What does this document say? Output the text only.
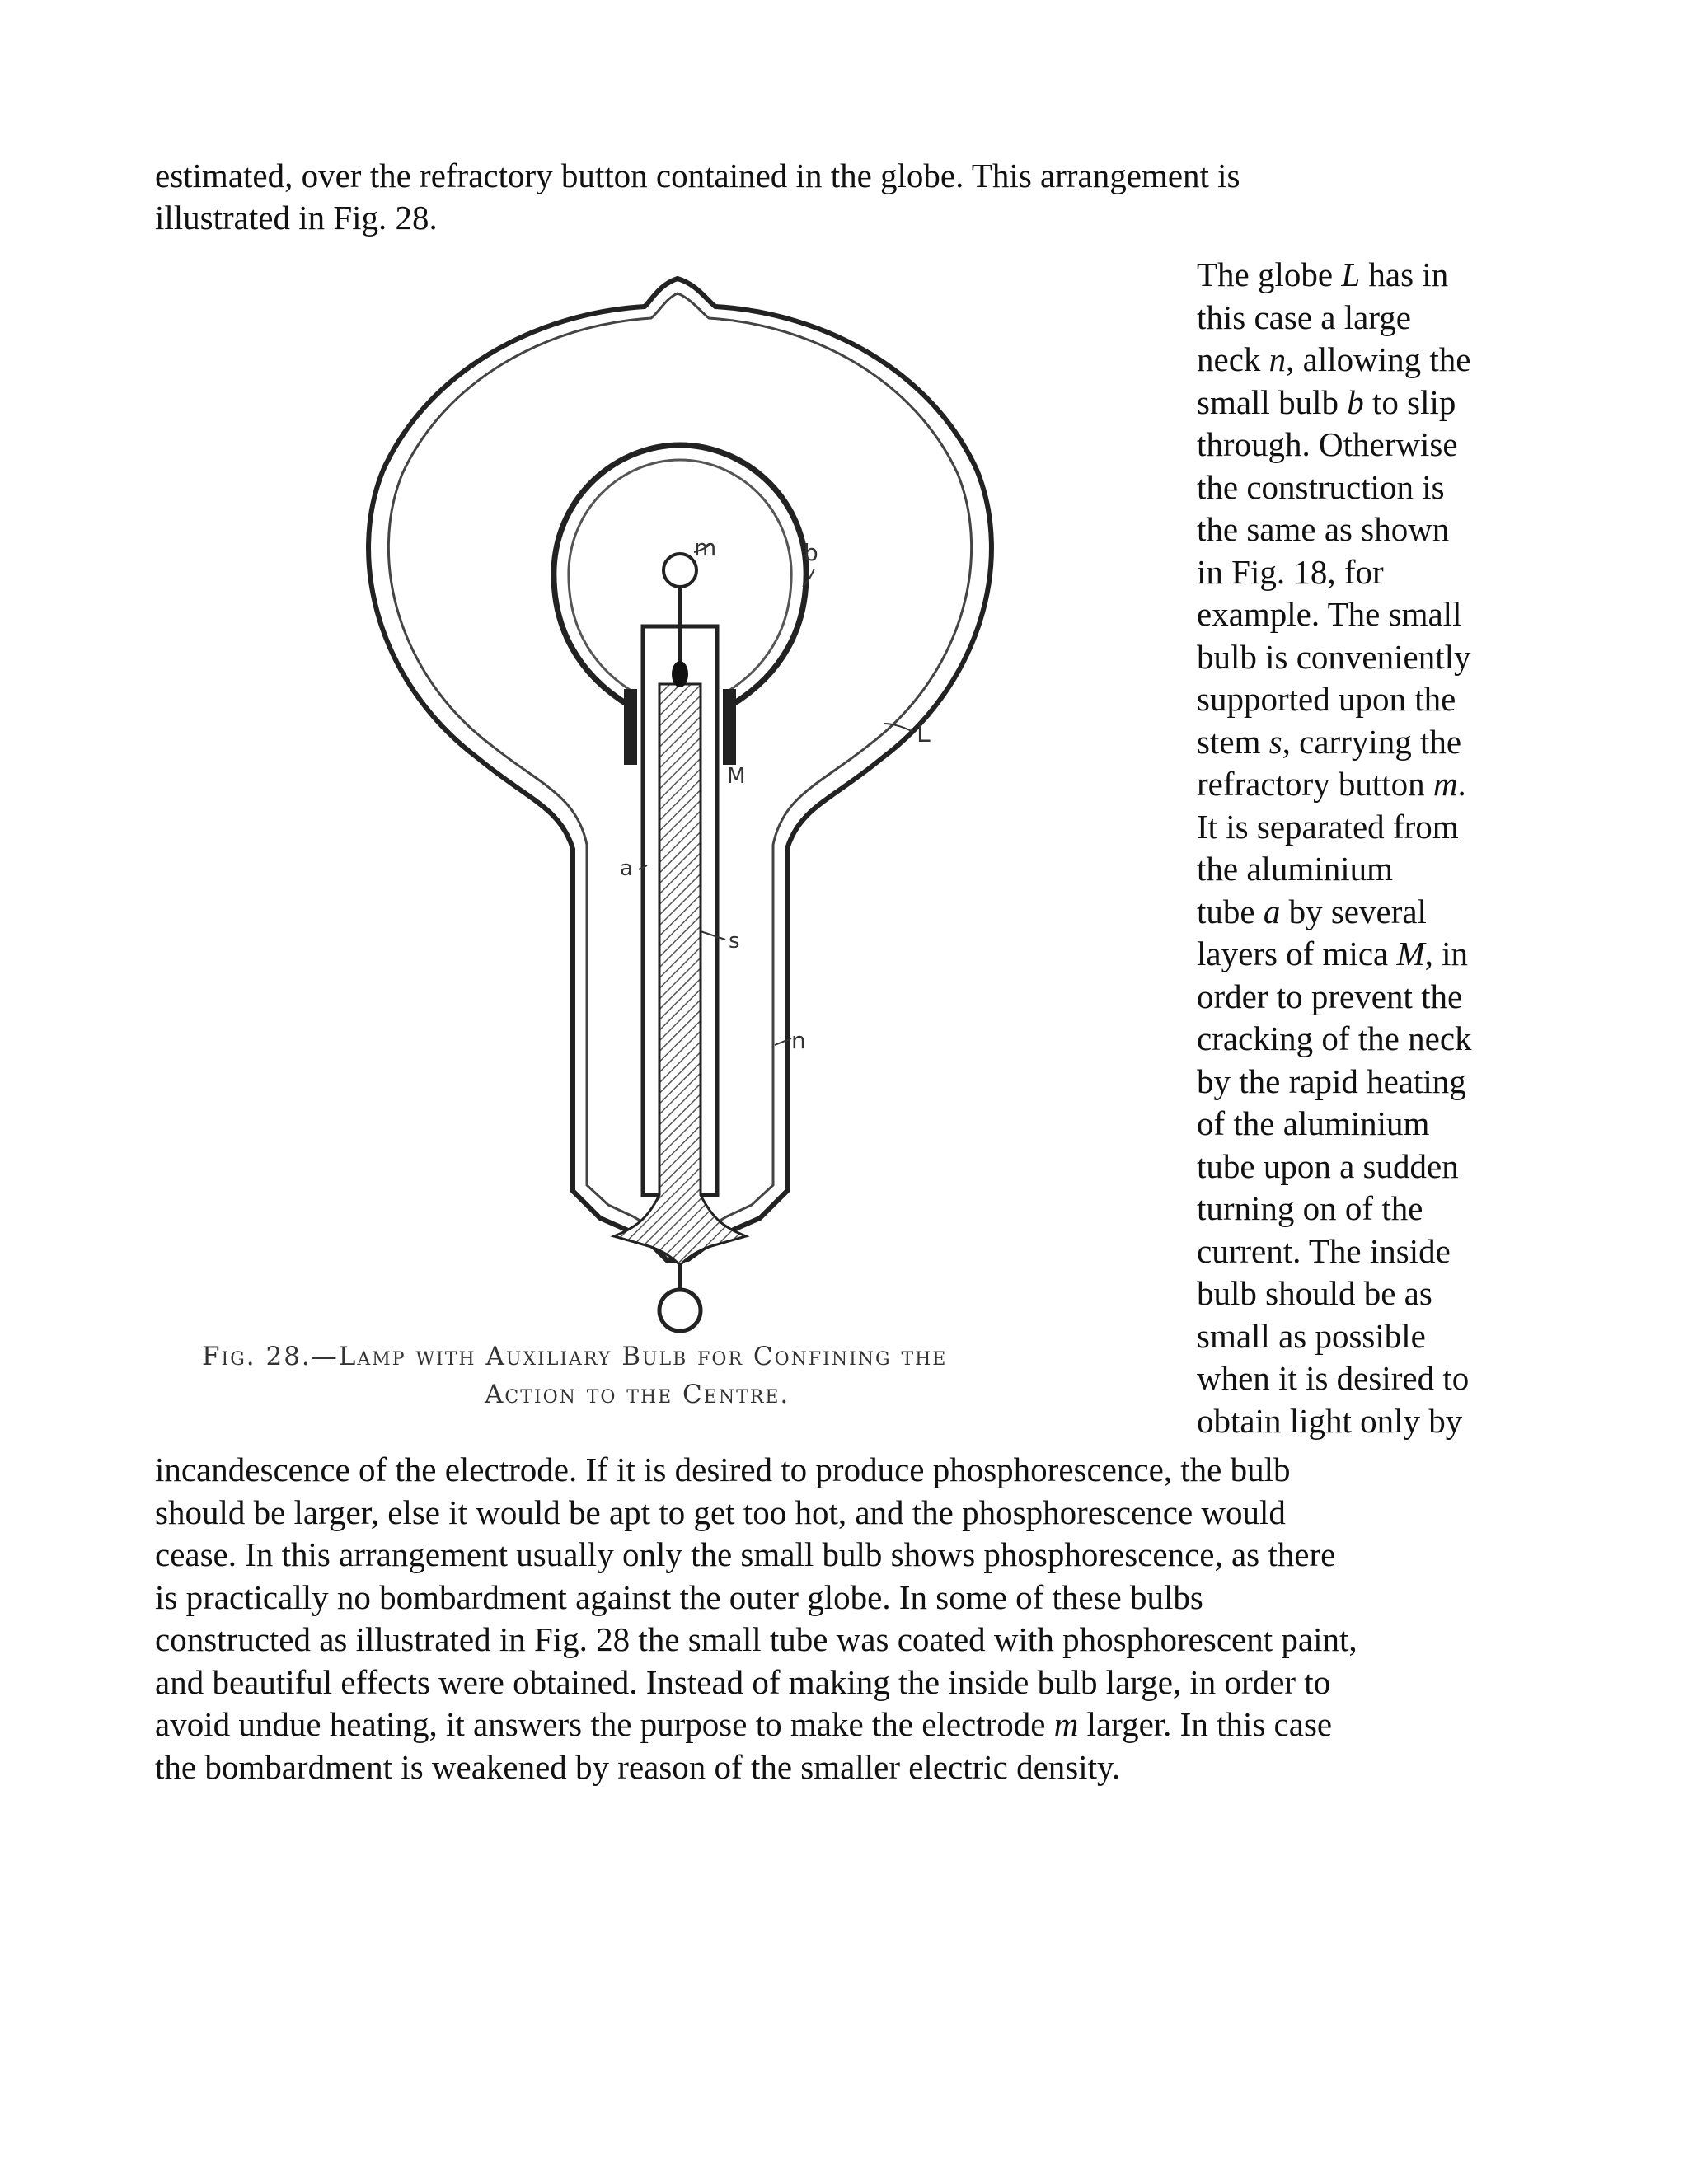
estimated, over the refractory button contained in the globe. This arrangement is
illustrated in Fig. 28.
The globe L has in
this case a large
neck n, allowing the
small bulb b to slip
through. Otherwise
the construction is
the same as shown
in Fig. 18, for
example. The small
bulb is conveniently
supported upon the
stem s, carrying the
refractory button m.
It is separated from
the aluminium
tube a by several
layers of mica M, in
order to prevent the
cracking of the neck
by the rapid heating
of the aluminium
tube upon a sudden
turning on of the
current. The inside
bulb should be as
small as possible
when it is desired to
obtain light only by
m	b
L
M
a
s
n
Fig. 28.—Lamp with Auxiliary Bulb for Confining the
Action to the Centre.
incandescence of the electrode. If it is desired to produce phosphorescence, the bulb
should be larger, else it would be apt to get too hot, and the phosphorescence would
cease. In this arrangement usually only the small bulb shows phosphorescence, as there
is practically no bombardment against the outer globe. In some of these bulbs
constructed as illustrated in Fig. 28 the small tube was coated with phosphorescent paint,
and beautiful effects were obtained. Instead of making the inside bulb large, in order to
avoid undue heating, it answers the purpose to make the electrode m larger. In this case
the bombardment is weakened by reason of the smaller electric density.
